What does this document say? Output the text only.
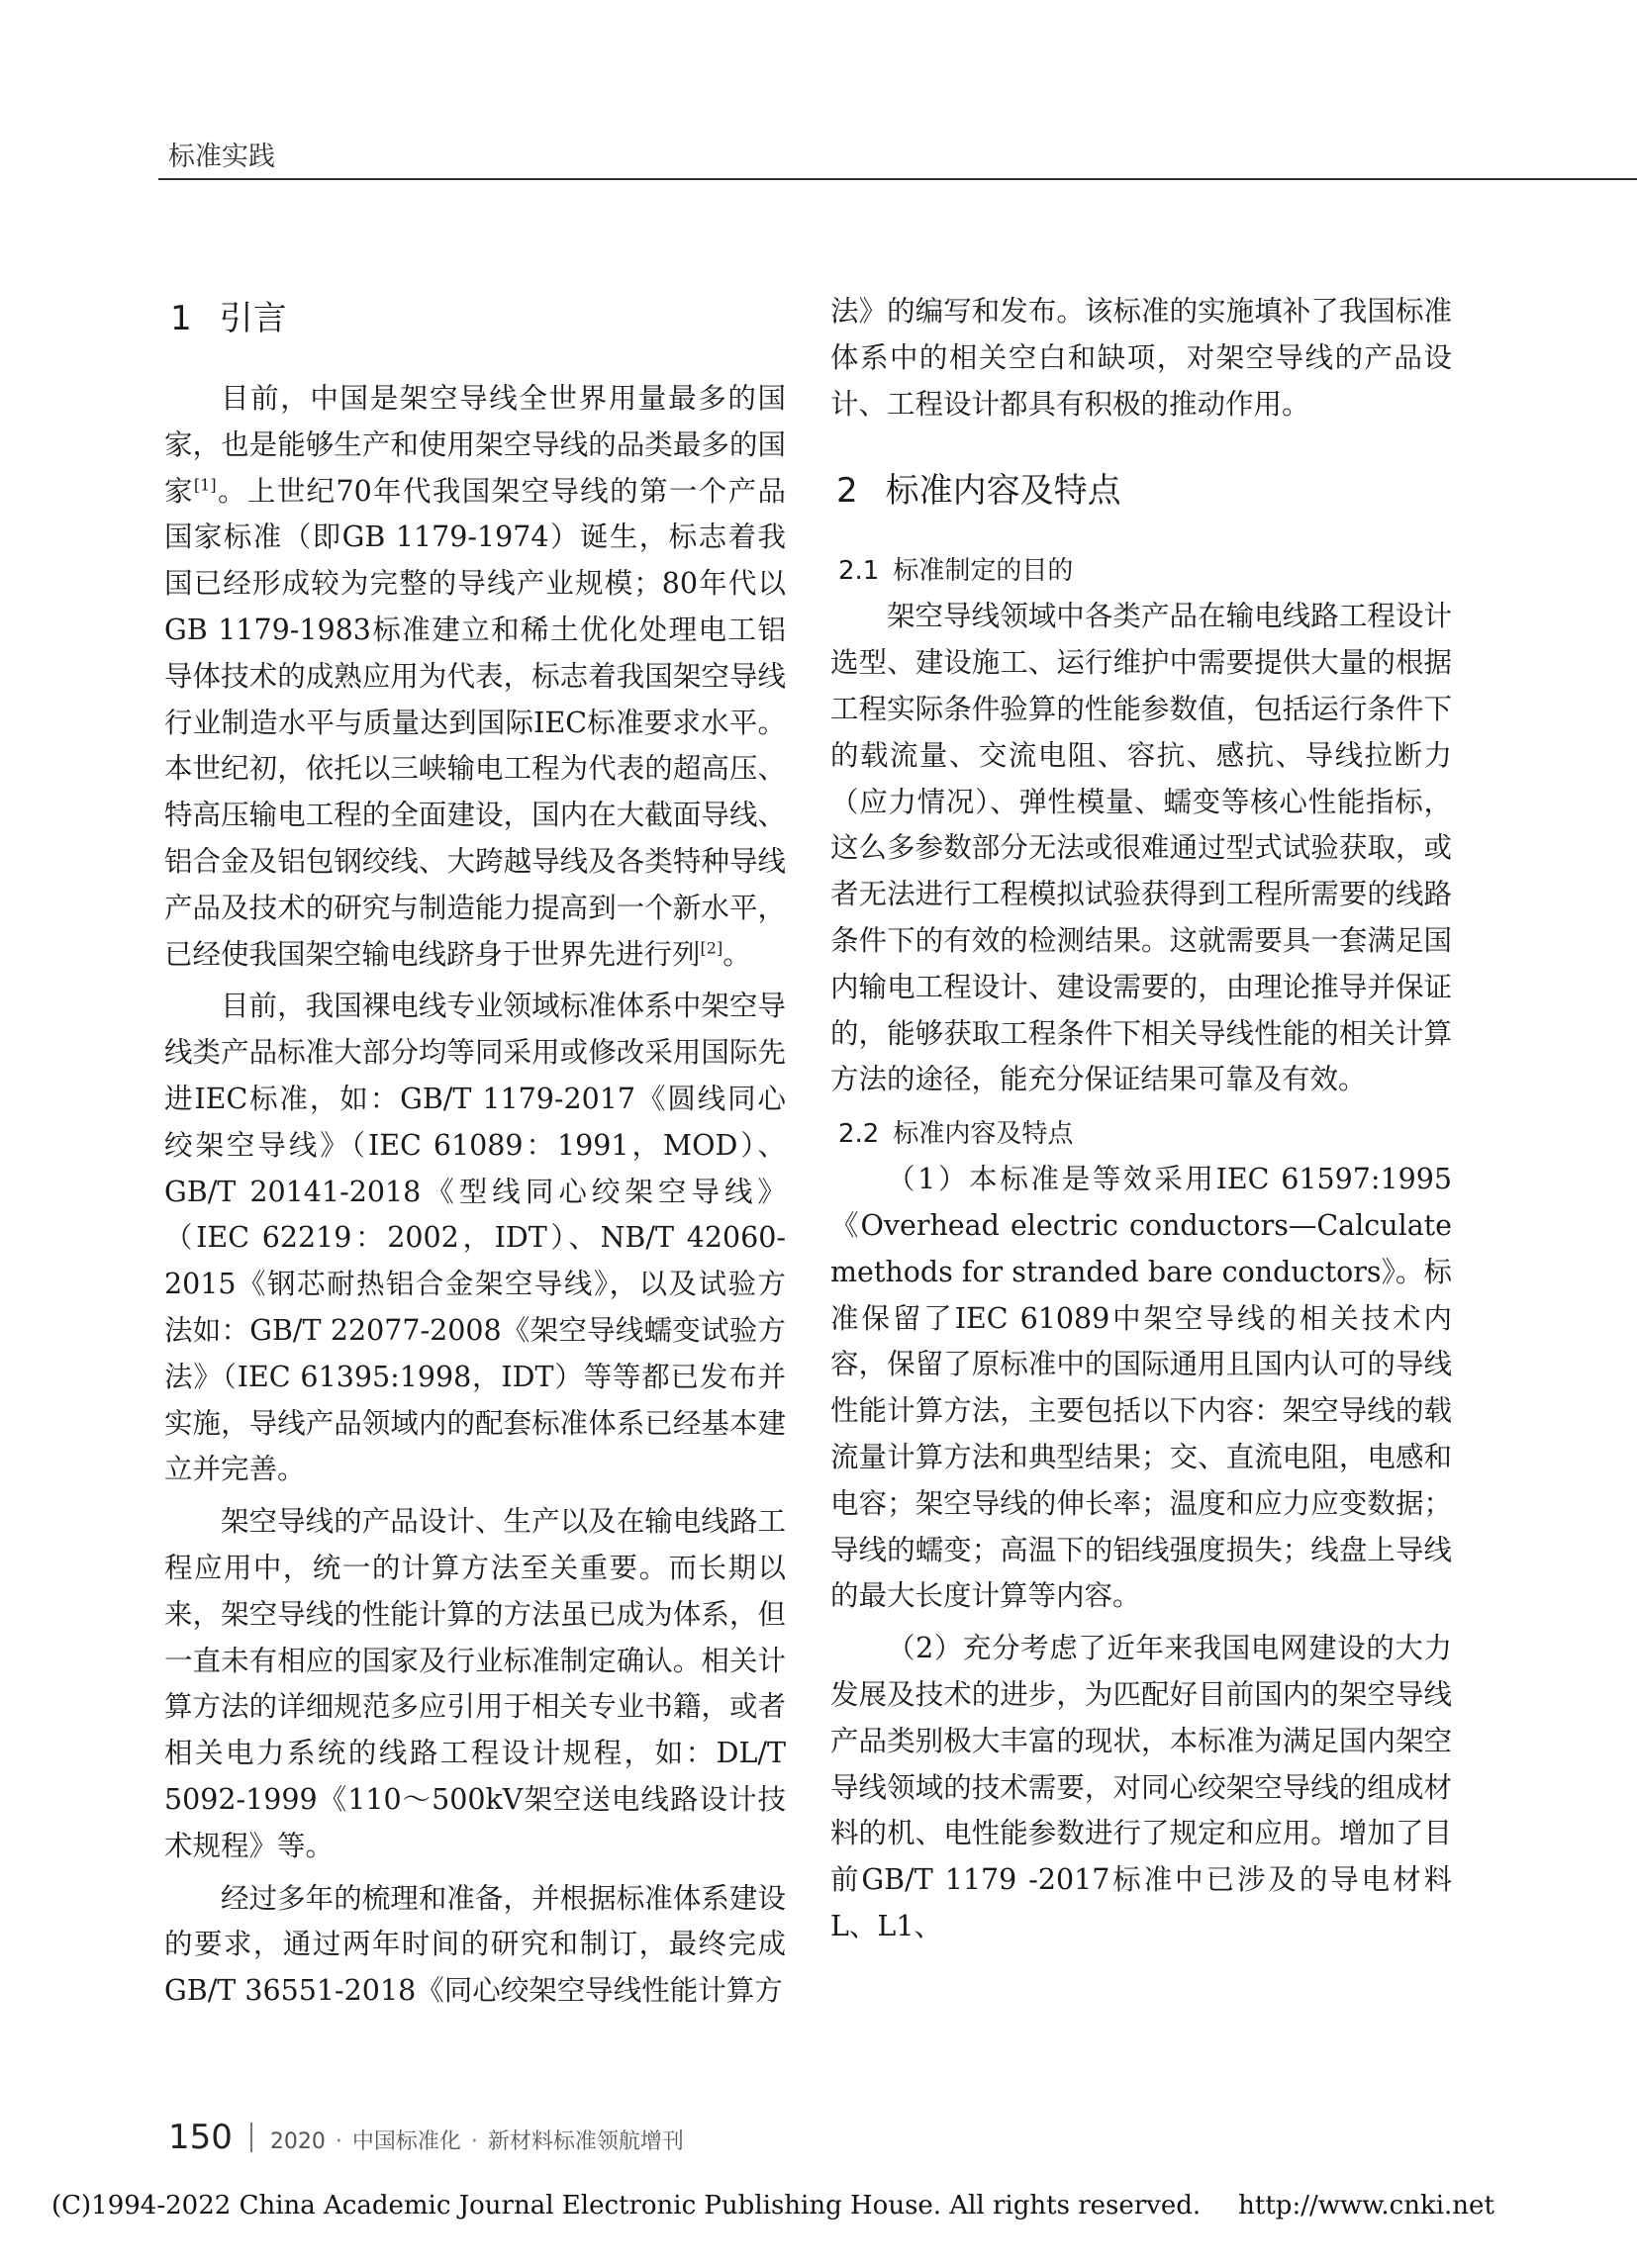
标准实践
1 引言
目前，中国是架空导线全世界用量最多的国家，也是能够生产和使用架空导线的品类最多的国家[1]。上世纪70年代我国架空导线的第一个产品国家标准（即GB 1179-1974）诞生，标志着我国已经形成较为完整的导线产业规模；80年代以GB 1179-1983标准建立和稀土优化处理电工铝导体技术的成熟应用为代表，标志着我国架空导线行业制造水平与质量达到国际IEC标准要求水平。本世纪初，依托以三峡输电工程为代表的超高压、特高压输电工程的全面建设，国内在大截面导线、铝合金及铝包钢绞线、大跨越导线及各类特种导线产品及技术的研究与制造能力提高到一个新水平，已经使我国架空输电线跻身于世界先进行列[2]。
目前，我国裸电线专业领域标准体系中架空导线类产品标准大部分均等同采用或修改采用国际先进IEC标准，如：GB/T 1179-2017《圆线同心绞架空导线》（IEC 61089：1991，MOD）、GB/T 20141-2018《型线同心绞架空导线》（IEC 62219：2002，IDT）、NB/T 42060-2015《钢芯耐热铝合金架空导线》，以及试验方法如：GB/T 22077-2008《架空导线蠕变试验方法》（IEC 61395:1998，IDT）等等都已发布并实施，导线产品领域内的配套标准体系已经基本建立并完善。
架空导线的产品设计、生产以及在输电线路工程应用中，统一的计算方法至关重要。而长期以来，架空导线的性能计算的方法虽已成为体系，但一直未有相应的国家及行业标准制定确认。相关计算方法的详细规范多应引用于相关专业书籍，或者相关电力系统的线路工程设计规程，如：DL/T 5092-1999《110～500kV架空送电线路设计技术规程》等。
经过多年的梳理和准备，并根据标准体系建设的要求，通过两年时间的研究和制订，最终完成GB/T 36551-2018《同心绞架空导线性能计算方
法》的编写和发布。该标准的实施填补了我国标准体系中的相关空白和缺项，对架空导线的产品设计、工程设计都具有积极的推动作用。
2 标准内容及特点
2.1 标准制定的目的
架空导线领域中各类产品在输电线路工程设计选型、建设施工、运行维护中需要提供大量的根据工程实际条件验算的性能参数值，包括运行条件下的载流量、交流电阻、容抗、感抗、导线拉断力（应力情况）、弹性模量、蠕变等核心性能指标，这么多参数部分无法或很难通过型式试验获取，或者无法进行工程模拟试验获得到工程所需要的线路条件下的有效的检测结果。这就需要具一套满足国内输电工程设计、建设需要的，由理论推导并保证的，能够获取工程条件下相关导线性能的相关计算方法的途径，能充分保证结果可靠及有效。
2.2 标准内容及特点
（1）本标准是等效采用IEC 61597:1995《Overhead electric conductors—Calculate methods for stranded bare conductors》。标准保留了IEC 61089中架空导线的相关技术内容，保留了原标准中的国际通用且国内认可的导线性能计算方法，主要包括以下内容：架空导线的载流量计算方法和典型结果；交、直流电阻，电感和电容；架空导线的伸长率；温度和应力应变数据；导线的蠕变；高温下的铝线强度损失；线盘上导线的最大长度计算等内容。
（2）充分考虑了近年来我国电网建设的大力发展及技术的进步，为匹配好目前国内的架空导线产品类别极大丰富的现状，本标准为满足国内架空导线领域的技术需要，对同心绞架空导线的组成材料的机、电性能参数进行了规定和应用。增加了目前GB/T 1179 -2017标准中已涉及的导电材料L、L1、
150 2020 · 中国标准化 · 新材料标准领航增刊
(C)1994-2022 China Academic Journal Electronic Publishing House. All rights reserved. http://www.cnki.net
